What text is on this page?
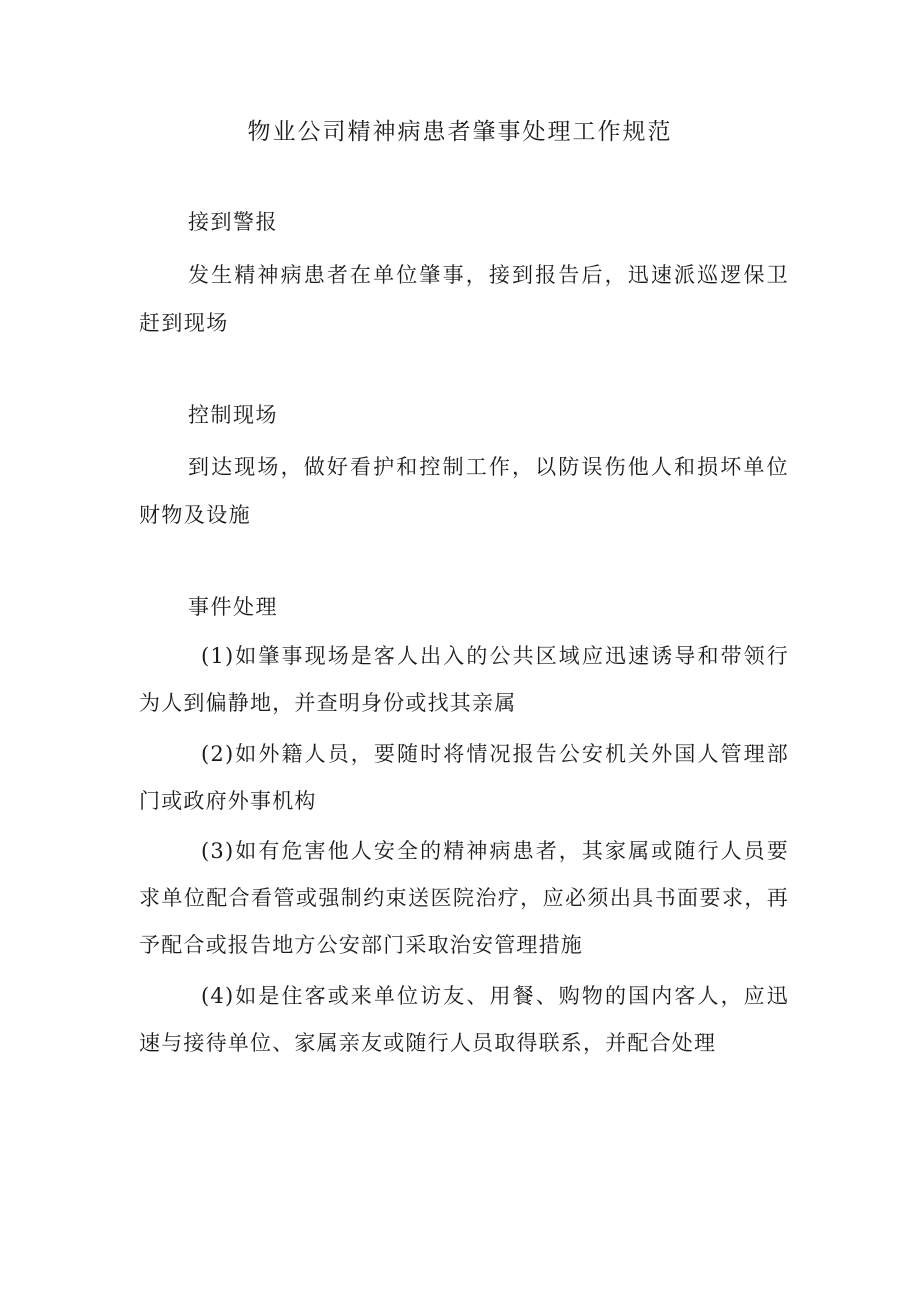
物业公司精神病患者肇事处理工作规范
接到警报

发生精神病患者在单位肇事，接到报告后，迅速派巡逻保卫赶到现场

控制现场

到达现场，做好看护和控制工作，以防误伤他人和损坏单位财物及设施

事件处理

(1)如肇事现场是客人出入的公共区域应迅速诱导和带领行为人到偏静地，并查明身份或找其亲属

(2)如外籍人员，要随时将情况报告公安机关外国人管理部门或政府外事机构

(3)如有危害他人安全的精神病患者，其家属或随行人员要求单位配合看管或强制约束送医院治疗，应必须出具书面要求，再予配合或报告地方公安部门采取治安管理措施

(4)如是住客或来单位访友、用餐、购物的国内客人，应迅速与接待单位、家属亲友或随行人员取得联系，并配合处理
